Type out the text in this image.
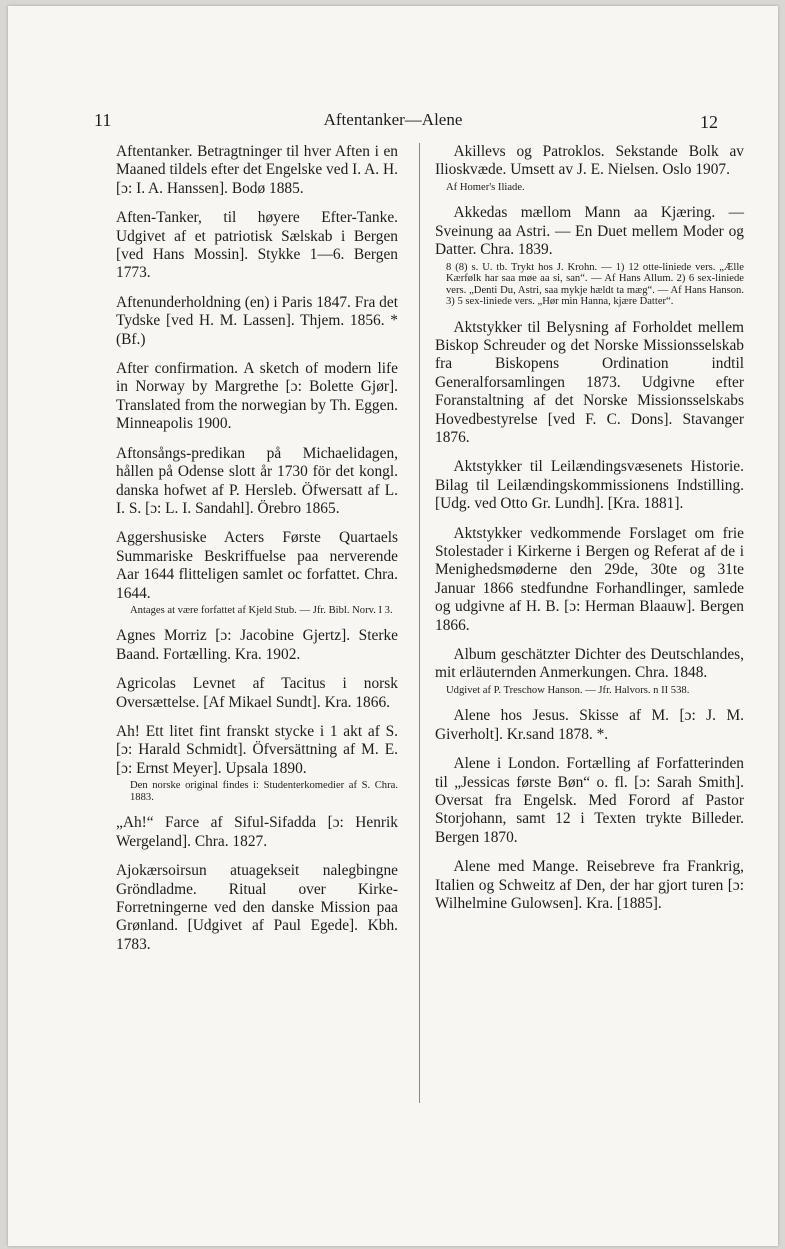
11	Aftentanker—Alene	12

Aftentanker. Betragtninger til hver Aften i en Maaned tildels efter det Engelske ved I. A. H. [ɔ: I. A. Hanssen]. Bodø 1885.

Aften-Tanker, til høyere Efter-Tanke. Udgivet af et patriotisk Sælskab i Bergen [ved Hans Mossin]. Stykke 1—6. Bergen 1773.

Aftenunderholdning (en) i Paris 1847. Fra det Tydske [ved H. M. Lassen]. Thjem. 1856. * (Bf.)

After confirmation. A sketch of modern life in Norway by Margrethe [ɔ: Bolette Gjør]. Translated from the norwegian by Th. Eggen. Minneapolis 1900.

Aftonsångs-predikan på Michaelidagen, hållen på Odense slott år 1730 för det kongl. danska hofwet af P. Hersleb. Öfwersatt af L. I. S. [ɔ: L. I. Sandahl]. Örebro 1865.

Aggershusiske Acters Første Quartaels Summariske Beskriffuelse paa nerverende Aar 1644 flitteligen samlet oc forfattet. Chra. 1644.

Antages at være forfattet af Kjeld Stub. — Jfr. Bibl. Norv. I 3.

Agnes Morriz [ɔ: Jacobine Gjertz]. Sterke Baand. Fortælling. Kra. 1902.

Agricolas Levnet af Tacitus i norsk Oversættelse. [Af Mikael Sundt]. Kra. 1866.

Ah! Ett litet fint franskt stycke i 1 akt af S. [ɔ: Harald Schmidt]. Öfversättning af M. E. [ɔ: Ernst Meyer]. Upsala 1890.

Den norske original findes i: Studenterkomedier af S. Chra. 1883.

„Ah!“ Farce af Siful-Sifadda [ɔ: Henrik Wergeland]. Chra. 1827.

Ajokærsoirsun atuagekseit nalegbingne Gröndladme. Ritual over Kirke-Forretningerne ved den danske Mission paa Grønland. [Udgivet af Paul Egede]. Kbh. 1783.

Akillevs og Patroklos. Sekstande Bolk av Ilioskvæde. Umsett av J. E. Nielsen. Oslo 1907.

Af Homer's Iliade.

Akkedas mællom Mann aa Kjæring. — Sveinung aa Astri. — En Duet mellem Moder og Datter. Chra. 1839.

8 (8) s. U. tb. Trykt hos J. Krohn. — 1) 12 otte-liniede vers. „Ælle Kærfølk har saa møe aa si, san“. — Af Hans Allum. 2) 6 sex-liniede vers. „Denti Du, Astri, saa mykje hældt ta mæg“. — Af Hans Hanson. 3) 5 sex-liniede vers. „Hør min Hanna, kjære Datter“.

Aktstykker til Belysning af Forholdet mellem Biskop Schreuder og det Norske Missionsselskab fra Biskopens Ordination indtil Generalforsamlingen 1873. Udgivne efter Foranstaltning af det Norske Missionsselskabs Hovedbestyrelse [ved F. C. Dons]. Stavanger 1876.

Aktstykker til Leilændingsvæsenets Historie. Bilag til Leilændingskommissionens Indstilling. [Udg. ved Otto Gr. Lundh]. [Kra. 1881].

Aktstykker vedkommende Forslaget om frie Stolestader i Kirkerne i Bergen og Referat af de i Menighedsmøderne den 29de, 30te og 31te Januar 1866 stedfundne Forhandlinger, samlede og udgivne af H. B. [ɔ: Herman Blaauw]. Bergen 1866.

Album geschätzter Dichter des Deutschlandes, mit erläuternden Anmerkungen. Chra. 1848.

Udgivet af P. Treschow Hanson. — Jfr. Halvors. n II 538.

Alene hos Jesus. Skisse af M. [ɔ: J. M. Giverholt]. Kr.sand 1878. *.

Alene i London. Fortælling af Forfatterinden til „Jessicas første Bøn“ o. fl. [ɔ: Sarah Smith]. Oversat fra Engelsk. Med Forord af Pastor Storjohann, samt 12 i Texten trykte Billeder. Bergen 1870.

Alene med Mange. Reisebreve fra Frankrig, Italien og Schweitz af Den, der har gjort turen [ɔ: Wilhelmine Gulowsen]. Kra. [1885].
